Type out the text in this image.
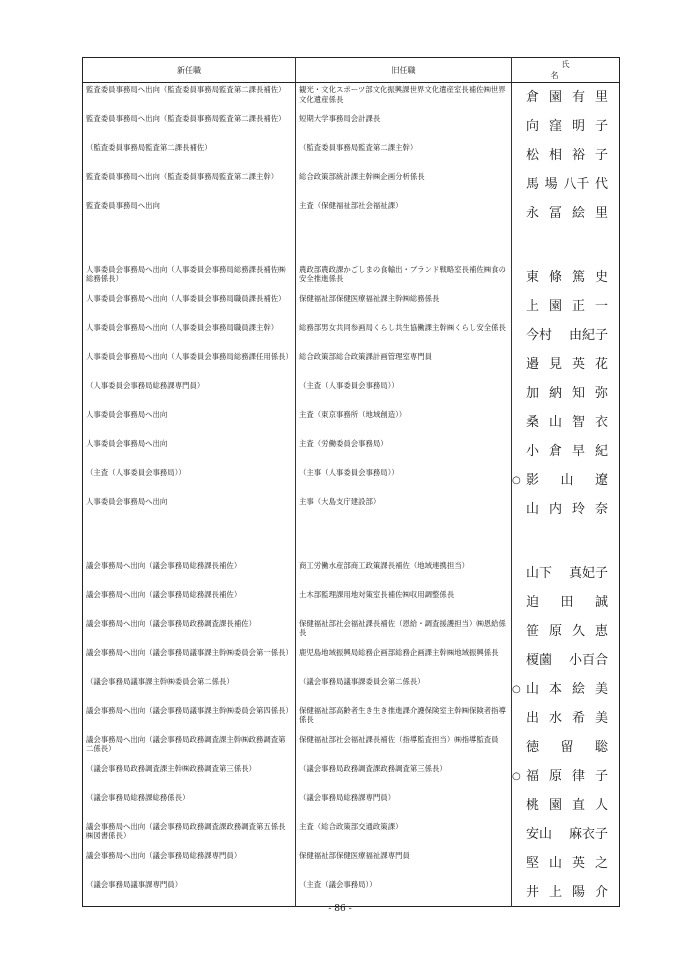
新任職	旧任職	氏　名
監査委員事務局へ出向（監査委員事務局監査第二課長補佐）	観光・文化スポーツ部文化振興課世界文化遺産室長補佐㈱世界文化遺産係長	倉 園 有 里

監査委員事務局へ出向（監査委員事務局監査第二課長補佐）	短期大学事務局会計課長	向 窪 明 子

（監査委員事務局監査第二課長補佐）	（監査委員事務局監査第二課主幹）	松 相 裕 子

監査委員事務局へ出向（監査委員事務局監査第二課主幹）	総合政策部統計課主幹㈱企画分析係長	馬 場 八千 代

監査委員事務局へ出向	主査（保健福祉部社会福祉課）	永 冨 絵 里

人事委員会事務局へ出向（人事委員会事務局総務課長補佐㈱総務係長）	農政部農政課かごしまの食輸出・ブランド戦略室長補佐㈱食の安全推進係長	東 條 篤 史

人事委員会事務局へ出向（人事委員会事務局職員課長補佐）	保健福祉部保健医療福祉課主幹㈱総務係長	上 園 正 一

人事委員会事務局へ出向（人事委員会事務局職員課主幹）	総務部男女共同参画局くらし共生協働課主幹㈱くらし安全係長	今村 由紀子

人事委員会事務局へ出向（人事委員会事務局総務課任用係長）	総合政策部総合政策課計画管理室専門員	邉 見 英 花

（人事委員会事務局総務課専門員）	（主査（人事委員会事務局））	加 納 知 弥

人事委員会事務局へ出向	主査（東京事務所（地域創造））	桑 山 智 衣

人事委員会事務局へ出向	主査（労働委員会事務局）	小 倉 早 紀

（主査（人事委員会事務局））	（主事（人事委員会事務局））	○ 影 山 遼

人事委員会事務局へ出向	主事（大島支庁建設部）	山 内 玲 奈

議会事務局へ出向（議会事務局総務課長補佐）	商工労働水産部商工政策課長補佐（地域連携担当）	山下 真妃子

議会事務局へ出向（議会事務局総務課長補佐）	土木部監理課用地対策室長補佐㈱収用調整係長	迫 田 誠

議会事務局へ出向（議会事務局政務調査課長補佐）	保健福祉部社会福祉課長補佐（恩給・調査援護担当）㈱恩給係長	笹 原 久 恵

議会事務局へ出向（議会事務局議事課主幹㈱委員会第一係長）	鹿児島地域振興局総務企画部総務企画課主幹㈱地域振興係長	榎薗 小百合

（議会事務局議事課主幹㈱委員会第二係長）	（議会事務局議事課委員会第二係長）	○ 山 本 絵 美

議会事務局へ出向（議会事務局議事課主幹㈱委員会第四係長）	保健福祉部高齢者生き生き推進課介護保険室主幹㈱保険者指導係長	出 水 希 美

議会事務局へ出向（議会事務局政務調査課主幹㈱政務調査第二係長）	保健福祉部社会福祉課長補佐（指導監査担当）㈱指導監査員	徳 留 聡

（議会事務局政務調査課主幹㈱政務調査第三係長）	（議会事務局政務調査課政務調査第三係長）	○ 福 原 律 子

（議会事務局総務課総務係長）	（議会事務局総務課専門員）	桃 園 直 人

議会事務局へ出向（議会事務局政務調査課政務調査第五係長㈱図書係長）	主査（総合政策部交通政策課）	安山 麻衣子

議会事務局へ出向（議会事務局総務課専門員）	保健福祉部保健医療福祉課専門員	堅 山 英 之

（議会事務局議事課専門員）	（主査（議会事務局））	井 上 陽 介
- 86 -
